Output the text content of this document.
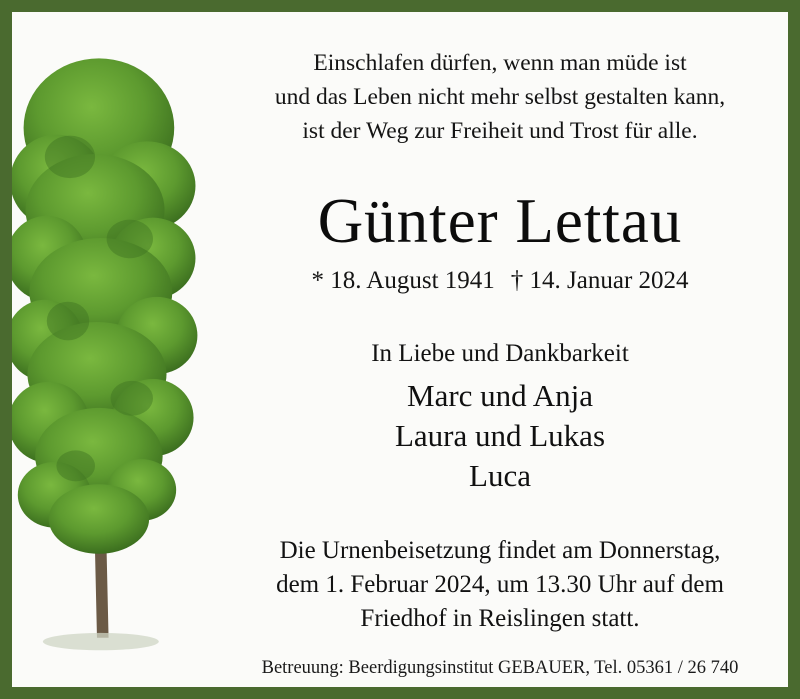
Einschlafen dürfen, wenn man müde ist
und das Leben nicht mehr selbst gestalten kann,
ist der Weg zur Freiheit und Trost für alle.
Günter Lettau
* 18. August 1941 † 14. Januar 2024
In Liebe und Dankbarkeit
Marc und Anja
Laura und Lukas
Luca
Die Urnenbeisetzung findet am Donnerstag,
dem 1. Februar 2024, um 13.30 Uhr auf dem
Friedhof in Reislingen statt.
Betreuung: Beerdigungsinstitut GEBAUER, Tel. 05361 / 26 740
